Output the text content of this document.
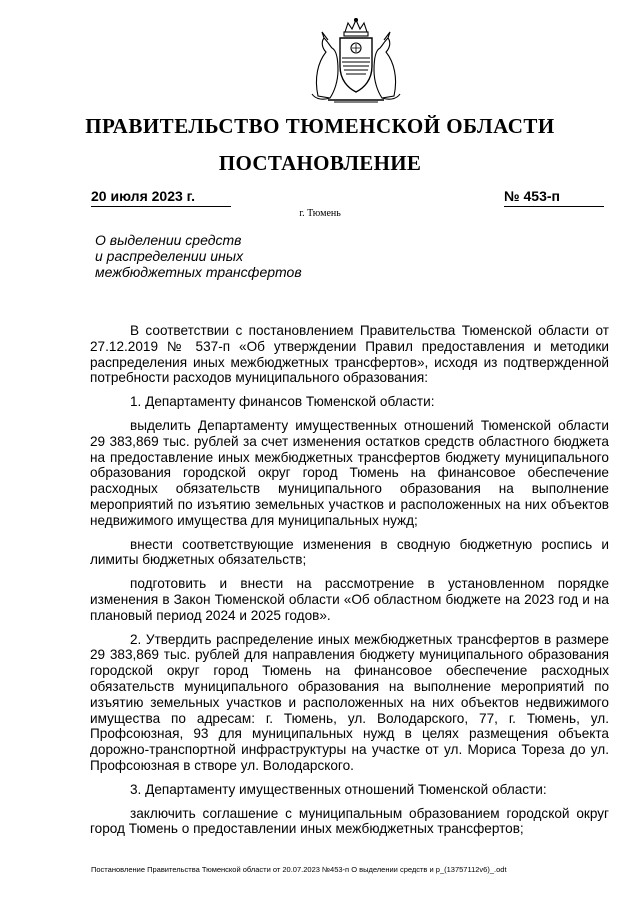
ПРАВИТЕЛЬСТВО ТЮМЕНСКОЙ ОБЛАСТИ
ПОСТАНОВЛЕНИЕ
20 июля 2023 г.	№ 453-п
г. Тюмень
О выделении средств
и распределении иных
межбюджетных трансфертов

В соответствии с постановлением Правительства Тюменской области от 27.12.2019 № 537-п «Об утверждении Правил предоставления и методики распределения иных межбюджетных трансфертов», исходя из подтвержденной потребности расходов муниципального образования:

1. Департаменту финансов Тюменской области:

выделить Департаменту имущественных отношений Тюменской области 29 383,869 тыс. рублей за счет изменения остатков средств областного бюджета на предоставление иных межбюджетных трансфертов бюджету муниципального образования городской округ город Тюмень на финансовое обеспечение расходных обязательств муниципального образования на выполнение мероприятий по изъятию земельных участков и расположенных на них объектов недвижимого имущества для муниципальных нужд;

внести соответствующие изменения в сводную бюджетную роспись и лимиты бюджетных обязательств;

подготовить и внести на рассмотрение в установленном порядке изменения в Закон Тюменской области «Об областном бюджете на 2023 год и на плановый период 2024 и 2025 годов».

2. Утвердить распределение иных межбюджетных трансфертов в размере 29 383,869 тыс. рублей для направления бюджету муниципального образования городской округ город Тюмень на финансовое обеспечение расходных обязательств муниципального образования на выполнение мероприятий по изъятию земельных участков и расположенных на них объектов недвижимого имущества по адресам: г. Тюмень, ул. Володарского, 77, г. Тюмень, ул. Профсоюзная, 93 для муниципальных нужд в целях размещения объекта дорожно-транспортной инфраструктуры на участке от ул. Мориса Тореза до ул. Профсоюзная в створе ул. Володарского.

3. Департаменту имущественных отношений Тюменской области:

заключить соглашение с муниципальным образованием городской округ город Тюмень о предоставлении иных межбюджетных трансфертов;

Постановление Правительства Тюменской области от 20.07.2023 №453-п О выделении средств и р_(13757112v6)_.odt
